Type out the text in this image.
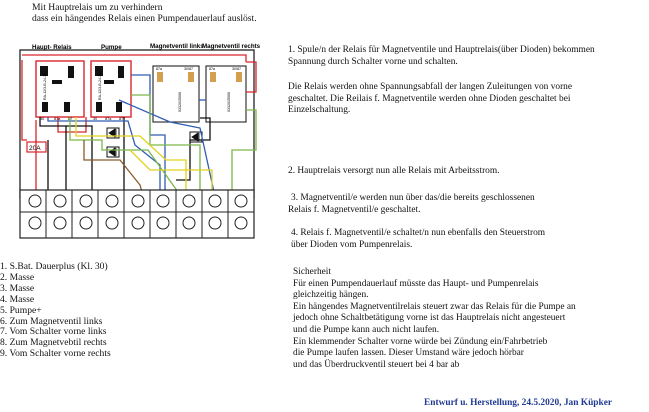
Mit Hauptrelais um zu verhindern
dass ein hängendes Relais einen Pumpendauerlauf auslöst.
Haupt- Relais	Pumpe	Magnetventil links
Magnetventil rechts
RA-12/3-B-24-36
30	87a 87
RA-12/3-B-24-36
30 87a 87
0332015006
87a	30/87
0332015006
87a	30/87
20A
1. S.Bat. Dauerplus (Kl. 30)
2. Masse
3. Masse
4. Masse
5. Pumpe+
6. Zum Magnetventil links
7. Vom Schalter vorne links
8. Zum Magnetvebtil rechts
9. Vom Schalter vorne rechts
1. Spule/n der Relais für Magnetventile und Hauptrelais(über Dioden) bekommen
Spannung durch Schalter vorne und schalten.
Die Relais werden ohne Spannungsabfall der langen Zuleitungen von vorne
geschaltet. Die Reilais f. Magnetventile werden ohne Dioden geschaltet bei
Einzelschaltung.
2. Hauptrelais versorgt nun alle Relais mit Arbeitsstrom.
3. Magnetventil/e werden nun über das/die bereits geschlossenen
Relais f. Magnetventil/e geschaltet.
4. Relais f. Magnetventil/e schaltet/n nun ebenfalls den Steuerstrom
über Dioden vom Pumpenrelais.
Sicherheit
Für einen Pumpendauerlauf müsste das Haupt- und Pumpenrelais
gleichzeitig hängen.
Ein hängendes Magnetventilrelais steuert zwar das Relais für die Pumpe an
jedoch ohne Schaltbetätigung vorne ist das Hauptrelais nicht angesteuert
und die Pumpe kann auch nicht laufen.
Ein klemmender Schalter vorne würde bei Zündung ein/Fahrbetrieb
die Pumpe laufen lassen. Dieser Umstand wäre jedoch hörbar
und das Überdruckventil steuert bei 4 bar ab
Entwurf u. Herstellung, 24.5.2020, Jan Küpker
